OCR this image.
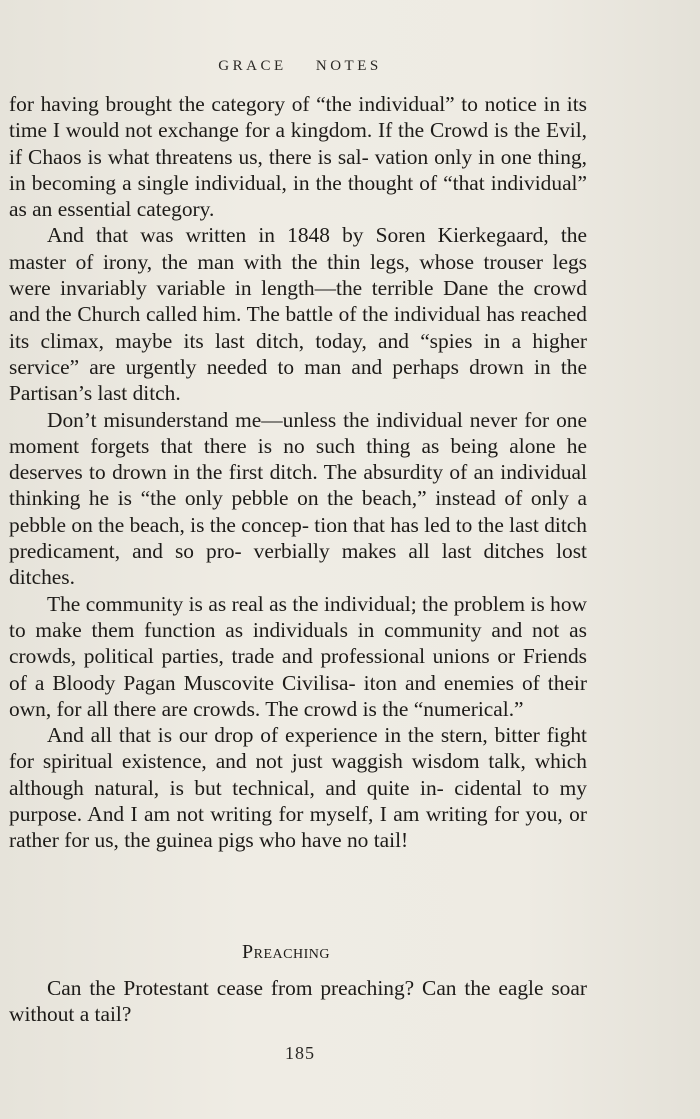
GRACE NOTES

for having brought the category of “the individual” to notice in its time I would not exchange for a kingdom. If the Crowd is the Evil, if Chaos is what threatens us, there is sal- vation only in one thing, in becoming a single individual, in the thought of “that individual” as an essential category.

And that was written in 1848 by Soren Kierkegaard, the master of irony, the man with the thin legs, whose trouser legs were invariably variable in length—the terrible Dane the crowd and the Church called him. The battle of the individual has reached its climax, maybe its last ditch, today, and “spies in a higher service” are urgently needed to man and perhaps drown in the Partisan’s last ditch.

Don’t misunderstand me—unless the individual never for one moment forgets that there is no such thing as being alone he deserves to drown in the first ditch. The absurdity of an individual thinking he is “the only pebble on the beach,” instead of only a pebble on the beach, is the concep- tion that has led to the last ditch predicament, and so pro- verbially makes all last ditches lost ditches.

The community is as real as the individual; the problem is how to make them function as individuals in community and not as crowds, political parties, trade and professional unions or Friends of a Bloody Pagan Muscovite Civilisa- iton and enemies of their own, for all there are crowds. The crowd is the “numerical.”

And all that is our drop of experience in the stern, bitter fight for spiritual existence, and not just waggish wisdom talk, which although natural, is but technical, and quite in- cidental to my purpose. And I am not writing for myself, I am writing for you, or rather for us, the guinea pigs who have no tail!

Preaching

Can the Protestant cease from preaching? Can the eagle soar without a tail?

185
